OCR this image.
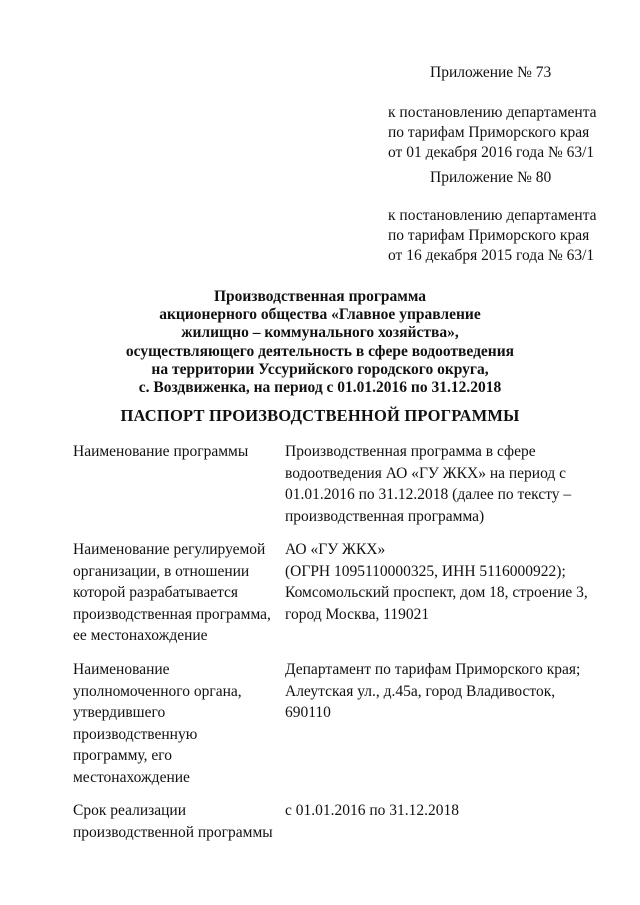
Приложение № 73
к постановлению департамента
по тарифам Приморского края
от 01 декабря 2016 года № 63/1
Приложение № 80
к постановлению департамента
по тарифам Приморского края
от 16 декабря 2015 года № 63/1
Производственная программа
акционерного общества «Главное управление
жилищно – коммунального хозяйства»,
осуществляющего деятельность в сфере водоотведения
на территории Уссурийского городского округа,
с. Воздвиженка, на период с 01.01.2016 по 31.12.2018
ПАСПОРТ ПРОИЗВОДСТВЕННОЙ ПРОГРАММЫ
Наименование программы	Производственная программа в сфере
водоотведения АО «ГУ ЖКХ» на период с
01.01.2016 по 31.12.2018 (далее по тексту –
производственная программа)
Наименование регулируемой
организации, в отношении
которой разрабатывается
производственная программа,
ее местонахождение
АО «ГУ ЖКХ»
(ОГРН 1095110000325, ИНН 5116000922);
Комсомольский проспект, дом 18, строение 3,
город Москва, 119021
Наименование
уполномоченного органа,
утвердившего
производственную
программу, его
местонахождение
Департамент по тарифам Приморского края;
Алеутская ул., д.45а, город Владивосток,
690110
Срок реализации
производственной программы
с 01.01.2016 по 31.12.2018
